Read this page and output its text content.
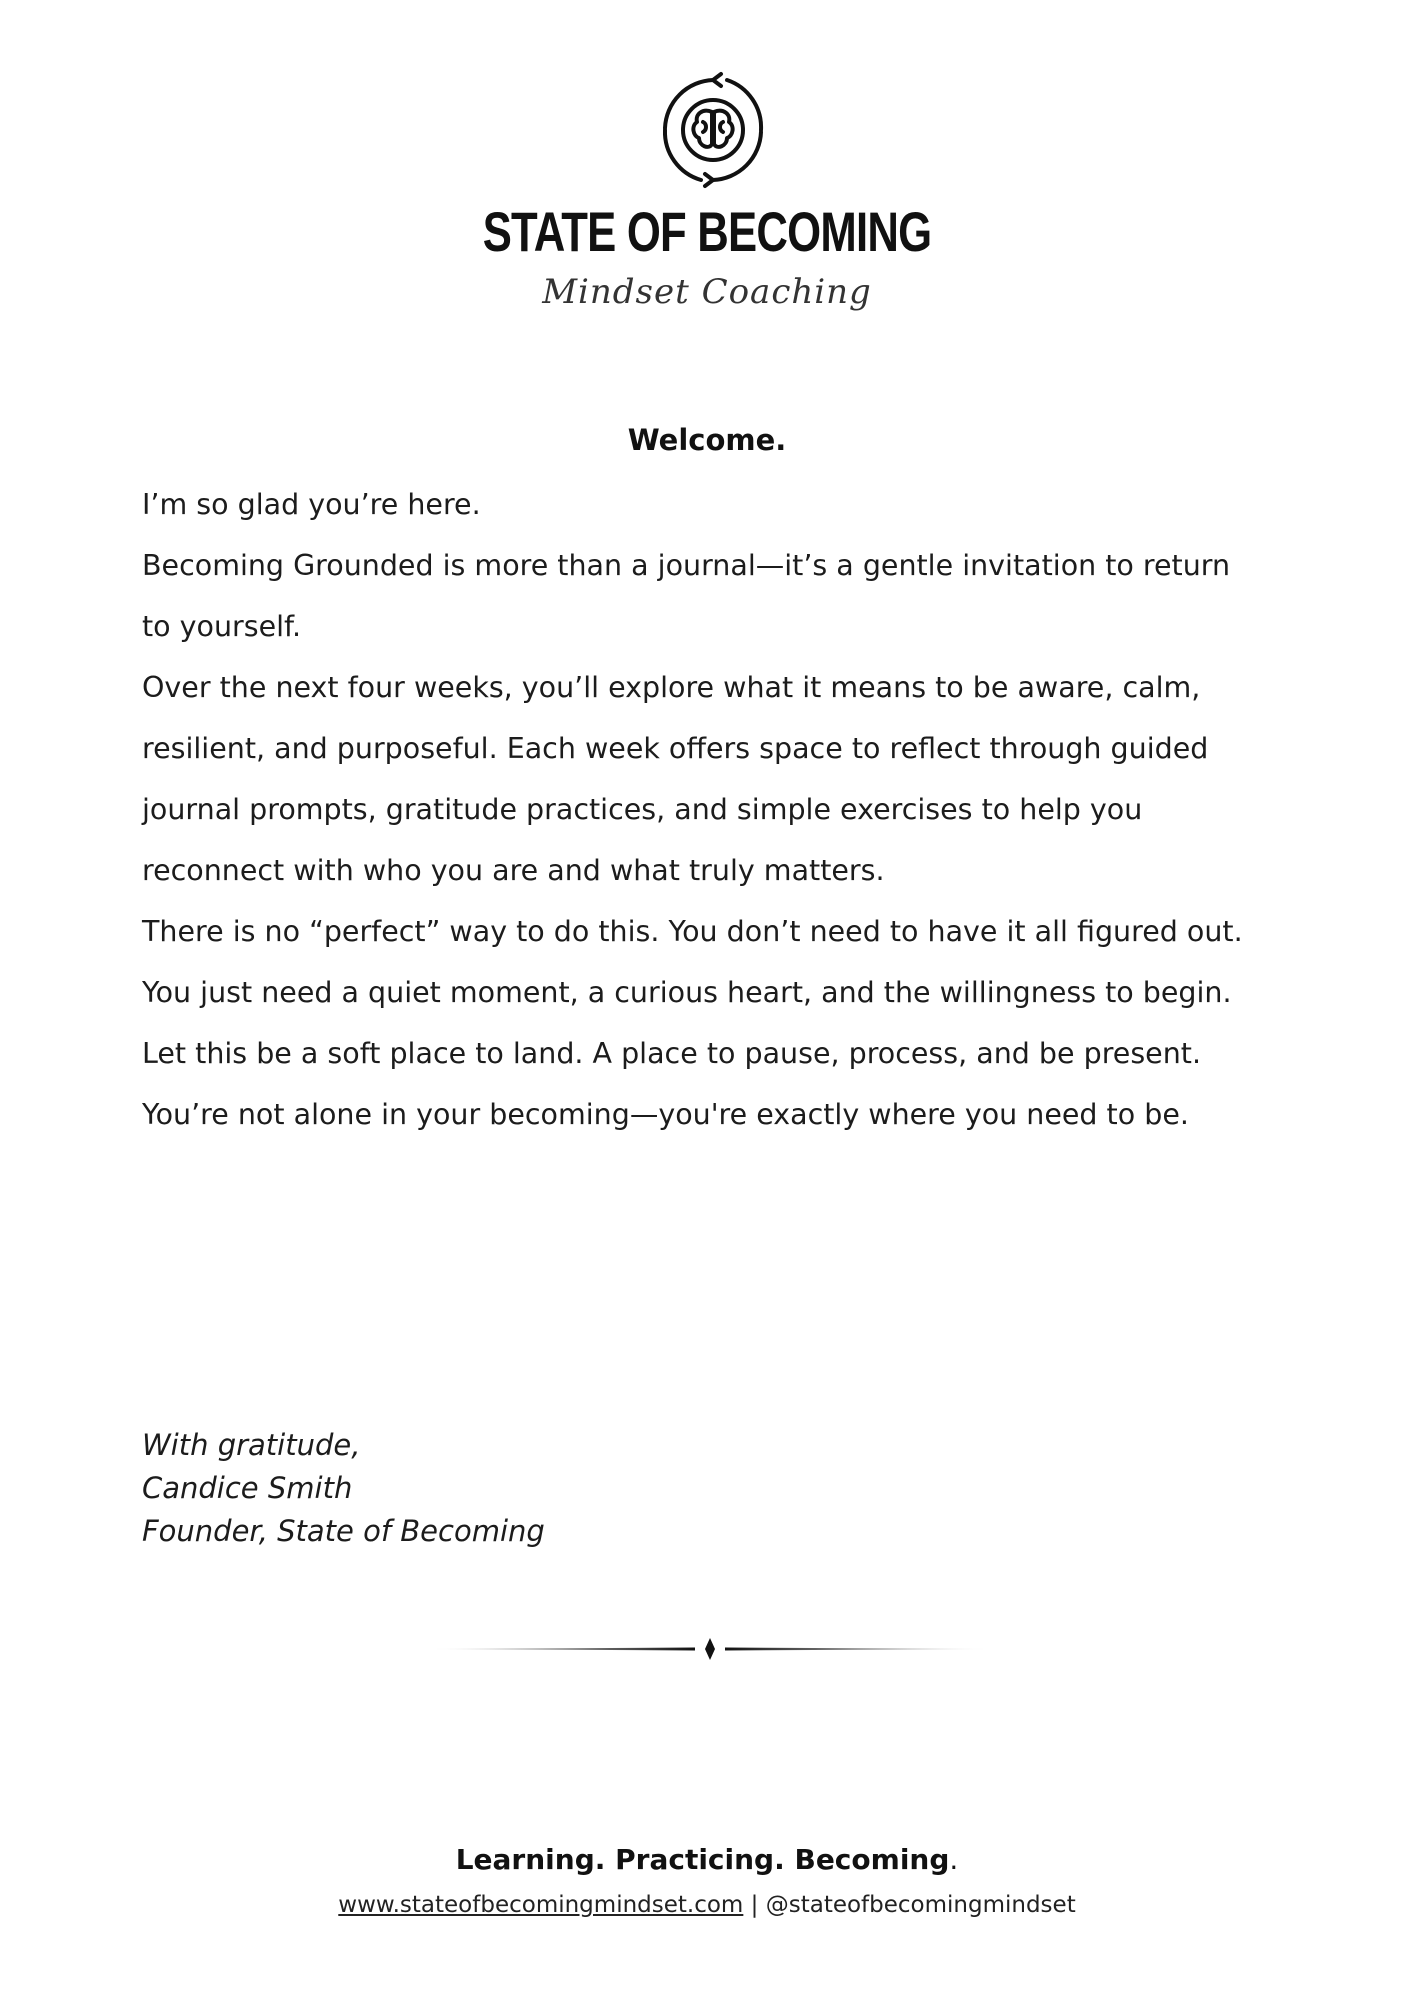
STATE OF BECOMING
Mindset Coaching
Welcome.

I’m so glad you’re here.

Becoming Grounded is more than a journal—it’s a gentle invitation to return to yourself.

Over the next four weeks, you’ll explore what it means to be aware, calm, resilient, and purposeful. Each week offers space to reflect through guided journal prompts, gratitude practices, and simple exercises to help you reconnect with who you are and what truly matters.

There is no “perfect” way to do this. You don’t need to have it all figured out. You just need a quiet moment, a curious heart, and the willingness to begin.

Let this be a soft place to land. A place to pause, process, and be present.

You’re not alone in your becoming—you're exactly where you need to be.

With gratitude,
Candice Smith
Founder, State of Becoming
Learning. Practicing. Becoming.
www.stateofbecomingmindset.com | @stateofbecomingmindset
